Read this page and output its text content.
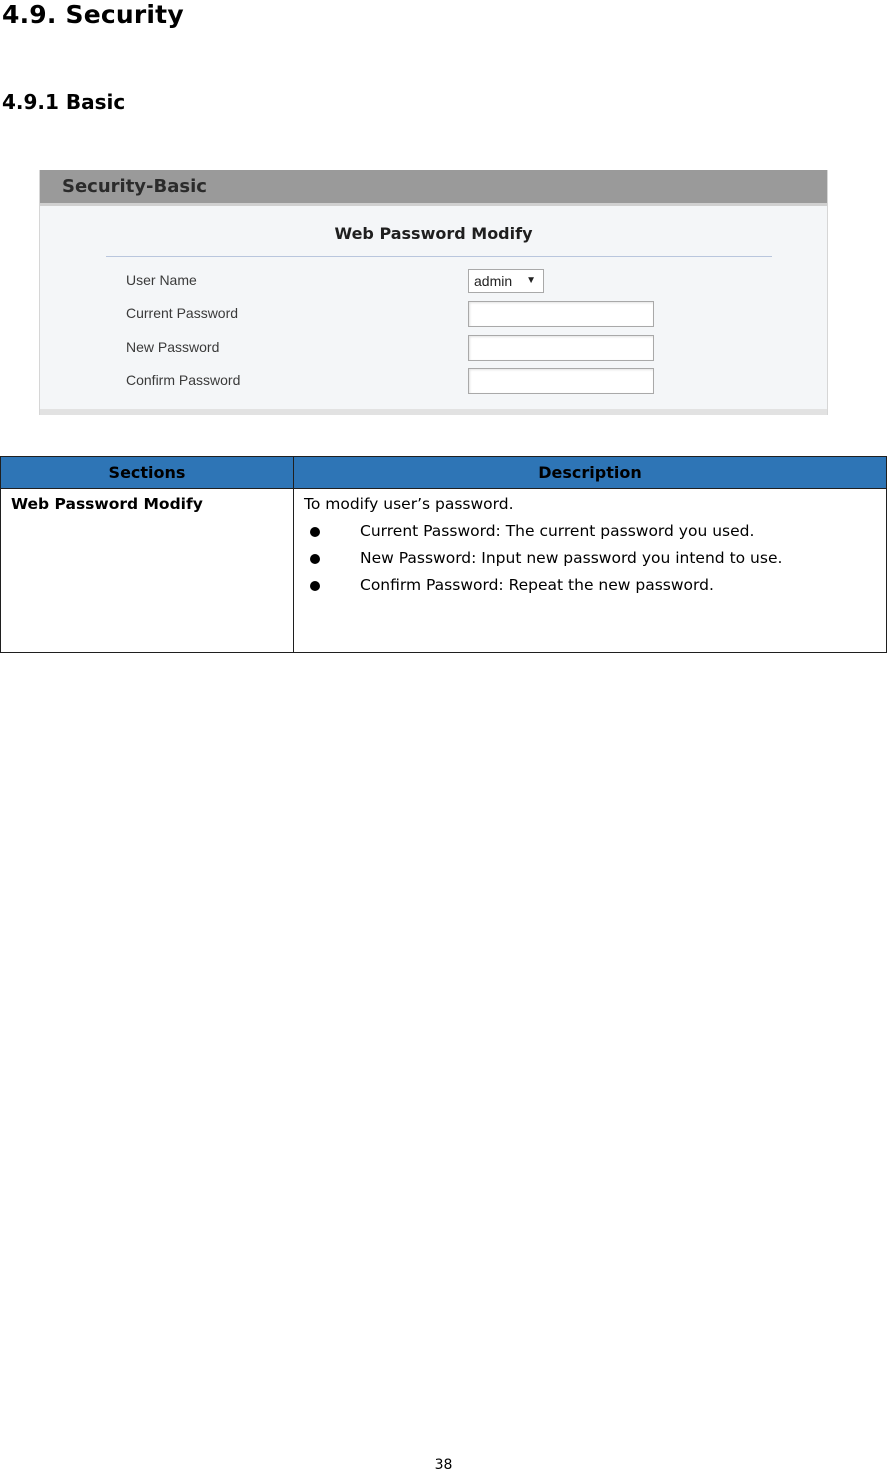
4.9. Security
4.9.1 Basic
Security-Basic
Web Password Modify
User Name	admin ▼
Current Password
New Password
Confirm Password
Sections	Description
Web Password Modify	To modify user’s password.
Current Password: The current password you used.
New Password: Input new password you intend to use.
Confirm Password: Repeat the new password.
38
